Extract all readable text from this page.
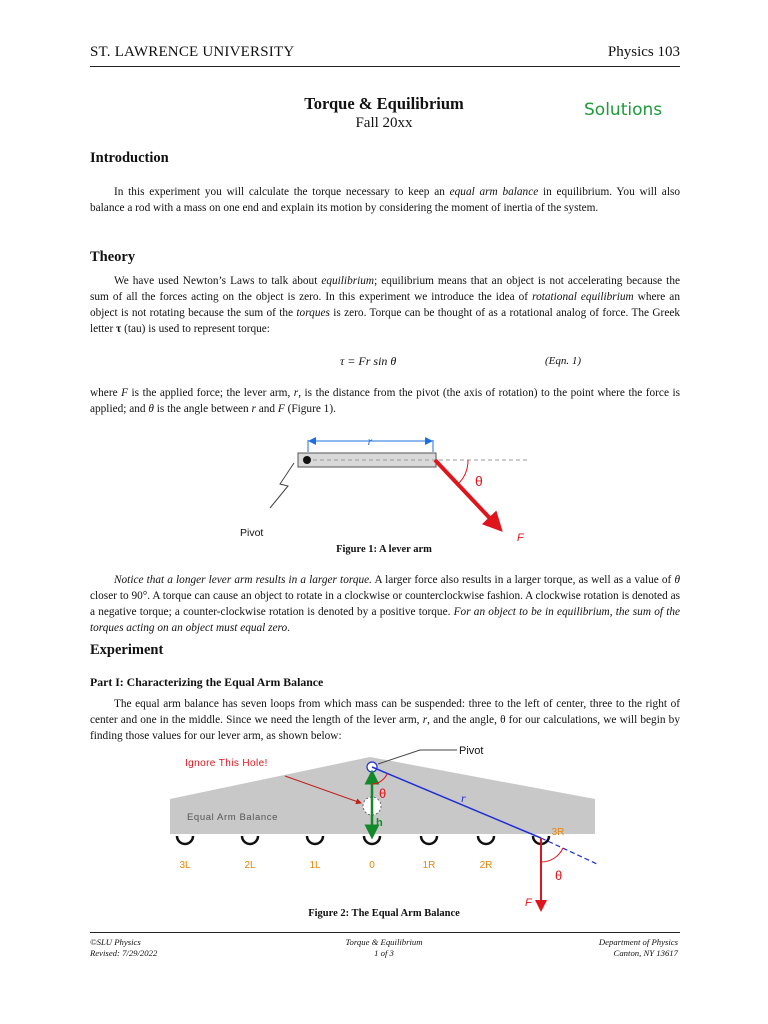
ST. LAWRENCE UNIVERSITY	Physics 103
Torque & Equilibrium
Fall 20xx
Solutions
Introduction

In this experiment you will calculate the torque necessary to keep an equal arm balance in equilibrium. You will also balance a rod with a mass on one end and explain its motion by considering the moment of inertia of the system.

Theory

We have used Newton’s Laws to talk about equilibrium; equilibrium means that an object is not accelerating because the sum of all the forces acting on the object is zero. In this experiment we introduce the idea of rotational equilibrium where an object is not rotating because the sum of the torques is zero. Torque can be thought of as a rotational analog of force. The Greek letter τ (tau) is used to represent torque:

τ = Fr sin θ	(Eqn. 1)

where F is the applied force; the lever arm, r, is the distance from the pivot (the axis of rotation) to the point where the force is applied; and θ is the angle between r and F (Figure 1).

r
θ
F
Pivot
Figure 1: A lever arm

Notice that a longer lever arm results in a larger torque. A larger force also results in a larger torque, as well as a value of θ closer to 90°. A torque can cause an object to rotate in a clockwise or counterclockwise fashion. A clockwise rotation is denoted as a negative torque; a counter-clockwise rotation is denoted by a positive torque. For an object to be in equilibrium, the sum of the torques acting on an object must equal zero.

Experiment
Part I: Characterizing the Equal Arm Balance

The equal arm balance has seven loops from which mass can be suspended: three to the left of center, three to the right of center and one in the middle. Since we need the length of the lever arm, r, and the angle, θ for our calculations, we will begin by finding those values for our lever arm, as shown below:

Equal Arm Balance
3L	2L	1L	0	1R	2R
3R
h
r
θ
θ
F
Ignore This Hole!
Pivot
Figure 2: The Equal Arm Balance
©SLU Physics
Revised: 7/29/2022
Torque & Equilibrium
1 of 3
Department of Physics
Canton, NY 13617
